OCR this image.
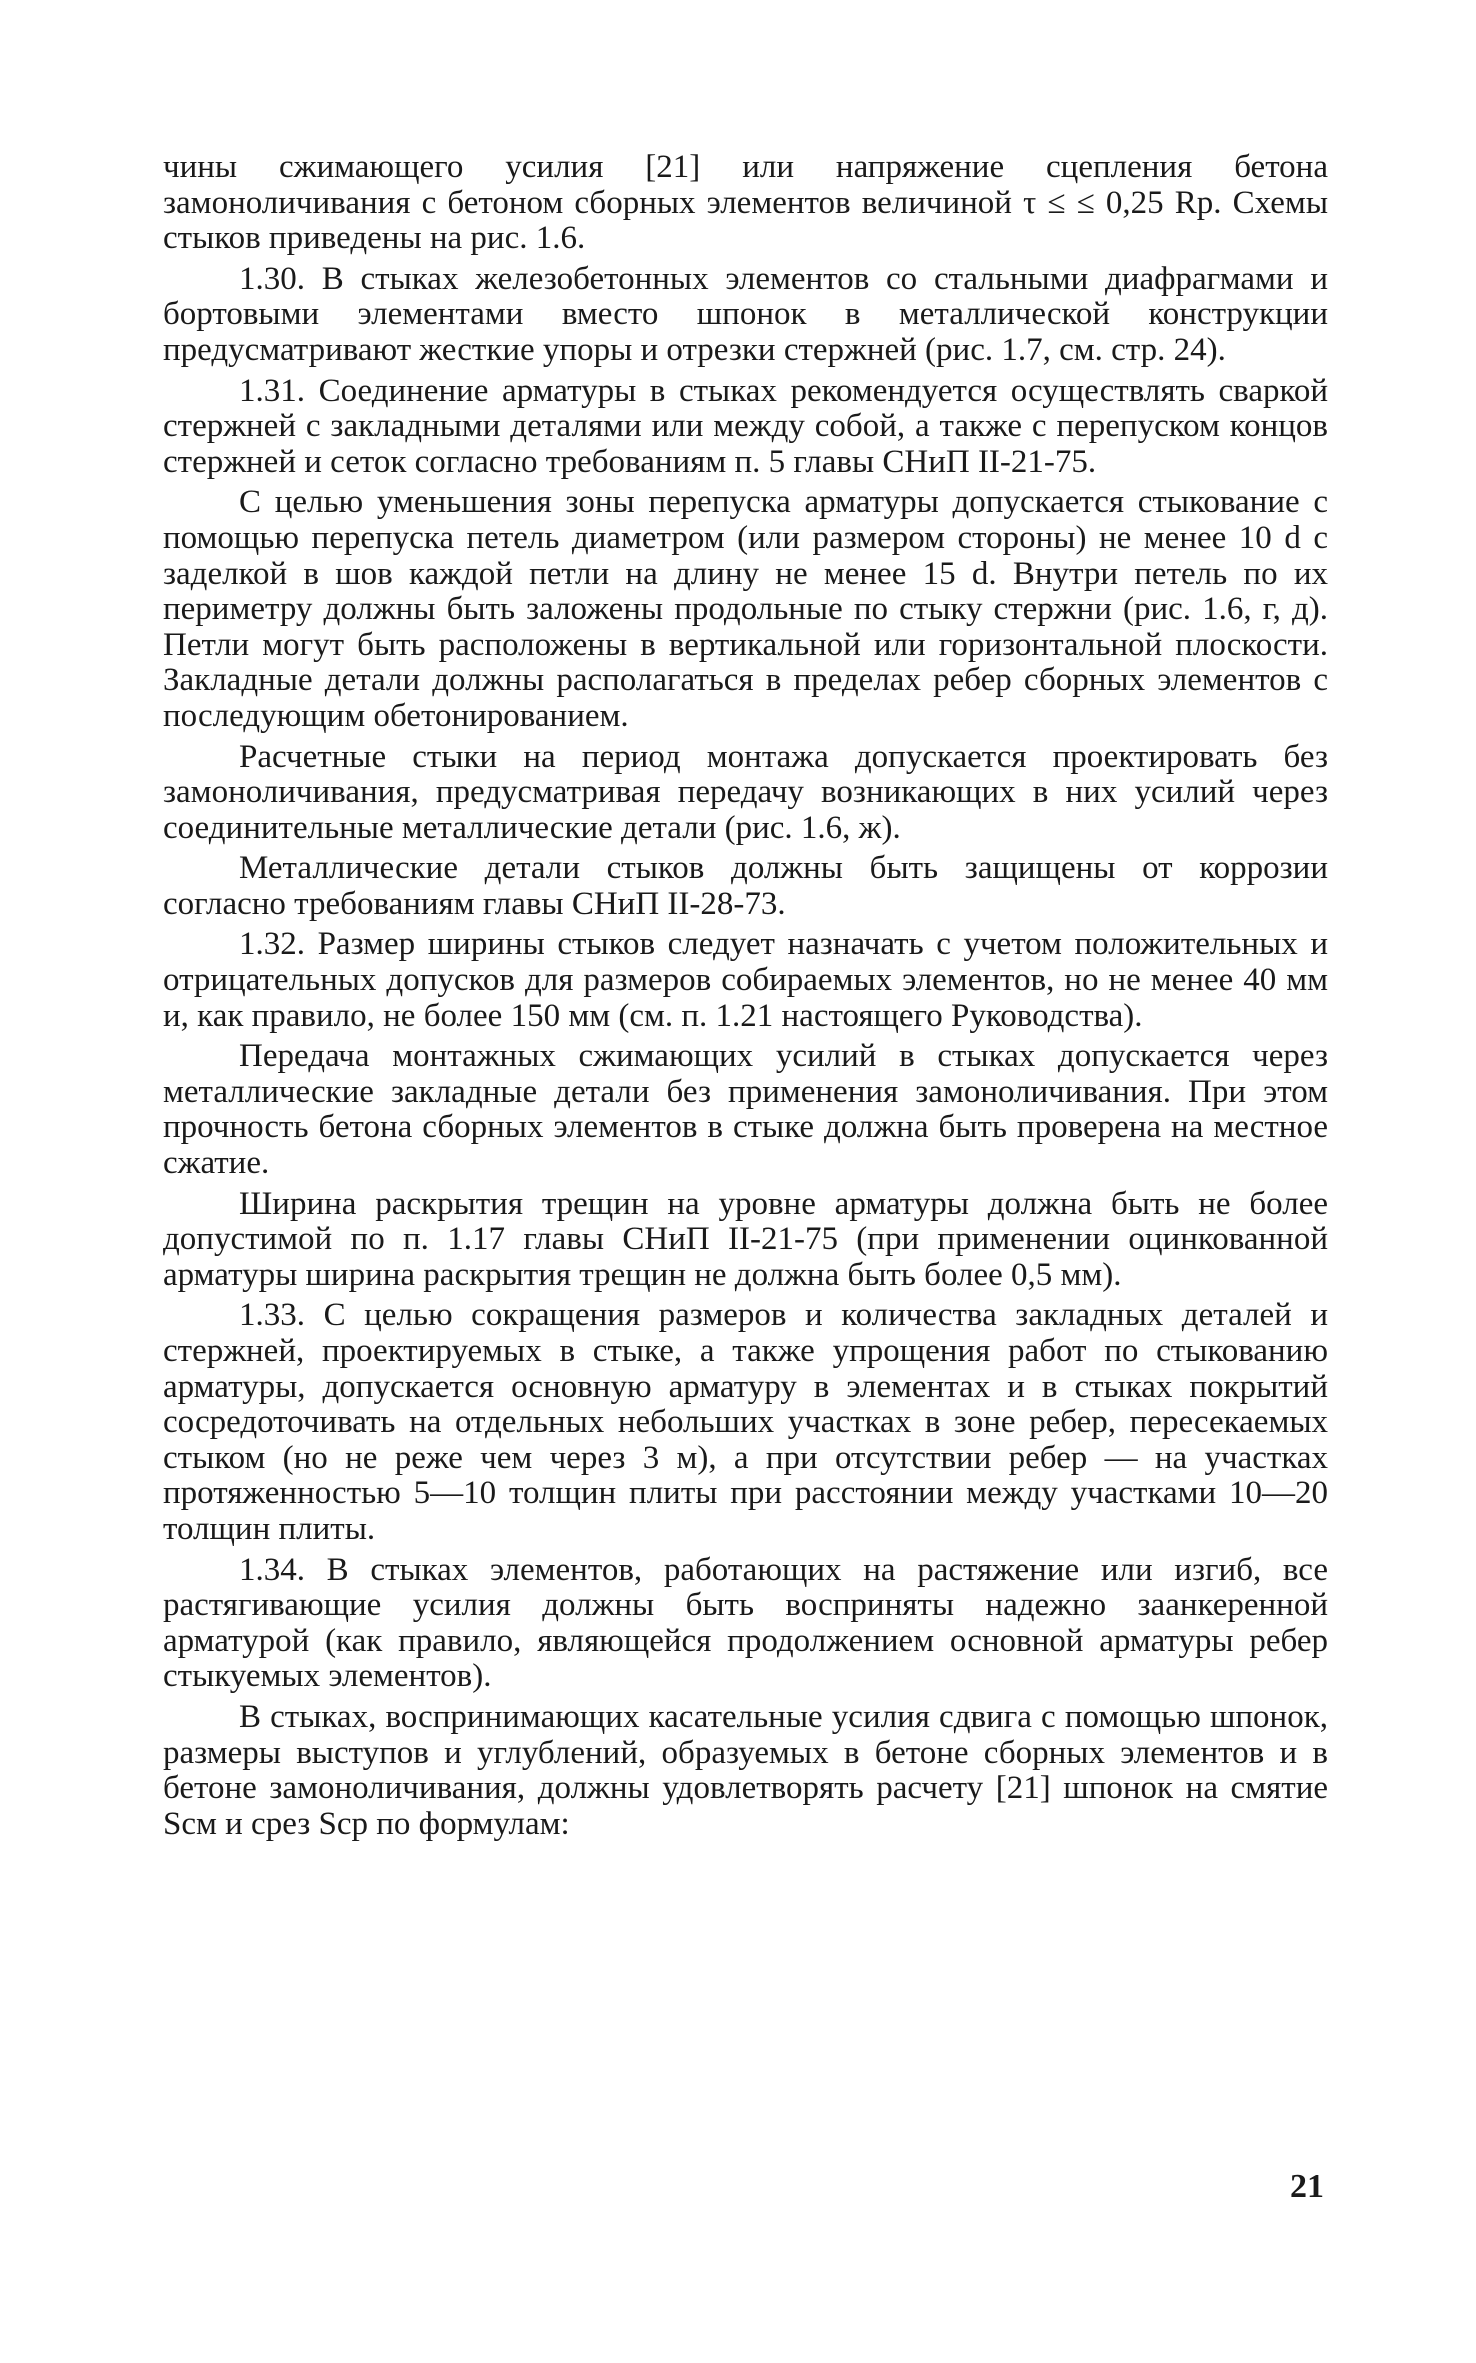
чины сжимающего усилия [21] или напряжение сцепления бетона замоноличивания с бетоном сборных элементов величиной τ ≤ ≤ 0,25 Rр. Схемы стыков приведены на рис. 1.6.

1.30. В стыках железобетонных элементов со стальными диафрагмами и бортовыми элементами вместо шпонок в металлической конструкции предусматривают жесткие упоры и отрезки стержней (рис. 1.7, см. стр. 24).

1.31. Соединение арматуры в стыках рекомендуется осуществлять сваркой стержней с закладными деталями или между собой, а также с перепуском концов стержней и сеток согласно требованиям п. 5 главы СНиП II-21-75.

С целью уменьшения зоны перепуска арматуры допускается стыкование с помощью перепуска петель диаметром (или размером стороны) не менее 10 d с заделкой в шов каждой петли на длину не менее 15 d. Внутри петель по их периметру должны быть заложены продольные по стыку стержни (рис. 1.6, г, д). Петли могут быть расположены в вертикальной или горизонтальной плоскости. Закладные детали должны располагаться в пределах ребер сборных элементов с последующим обетонированием.

Расчетные стыки на период монтажа допускается проектировать без замоноличивания, предусматривая передачу возникающих в них усилий через соединительные металлические детали (рис. 1.6, ж).

Металлические детали стыков должны быть защищены от коррозии согласно требованиям главы СНиП II-28-73.

1.32. Размер ширины стыков следует назначать с учетом положительных и отрицательных допусков для размеров собираемых элементов, но не менее 40 мм и, как правило, не более 150 мм (см. п. 1.21 настоящего Руководства).

Передача монтажных сжимающих усилий в стыках допускается через металлические закладные детали без применения замоноличивания. При этом прочность бетона сборных элементов в стыке должна быть проверена на местное сжатие.

Ширина раскрытия трещин на уровне арматуры должна быть не более допустимой по п. 1.17 главы СНиП II-21-75 (при применении оцинкованной арматуры ширина раскрытия трещин не должна быть более 0,5 мм).

1.33. С целью сокращения размеров и количества закладных деталей и стержней, проектируемых в стыке, а также упрощения работ по стыкованию арматуры, допускается основную арматуру в элементах и в стыках покрытий сосредоточивать на отдельных небольших участках в зоне ребер, пересекаемых стыком (но не реже чем через 3 м), а при отсутствии ребер — на участках протяженностью 5—10 толщин плиты при расстоянии между участками 10—20 толщин плиты.

1.34. В стыках элементов, работающих на растяжение или изгиб, все растягивающие усилия должны быть восприняты надежно заанкеренной арматурой (как правило, являющейся продолжением основной арматуры ребер стыкуемых элементов).

В стыках, воспринимающих касательные усилия сдвига с помощью шпонок, размеры выступов и углублений, образуемых в бетоне сборных элементов и в бетоне замоноличивания, должны удовлетворять расчету [21] шпонок на смятие Sсм и срез Sср по формулам:

21
